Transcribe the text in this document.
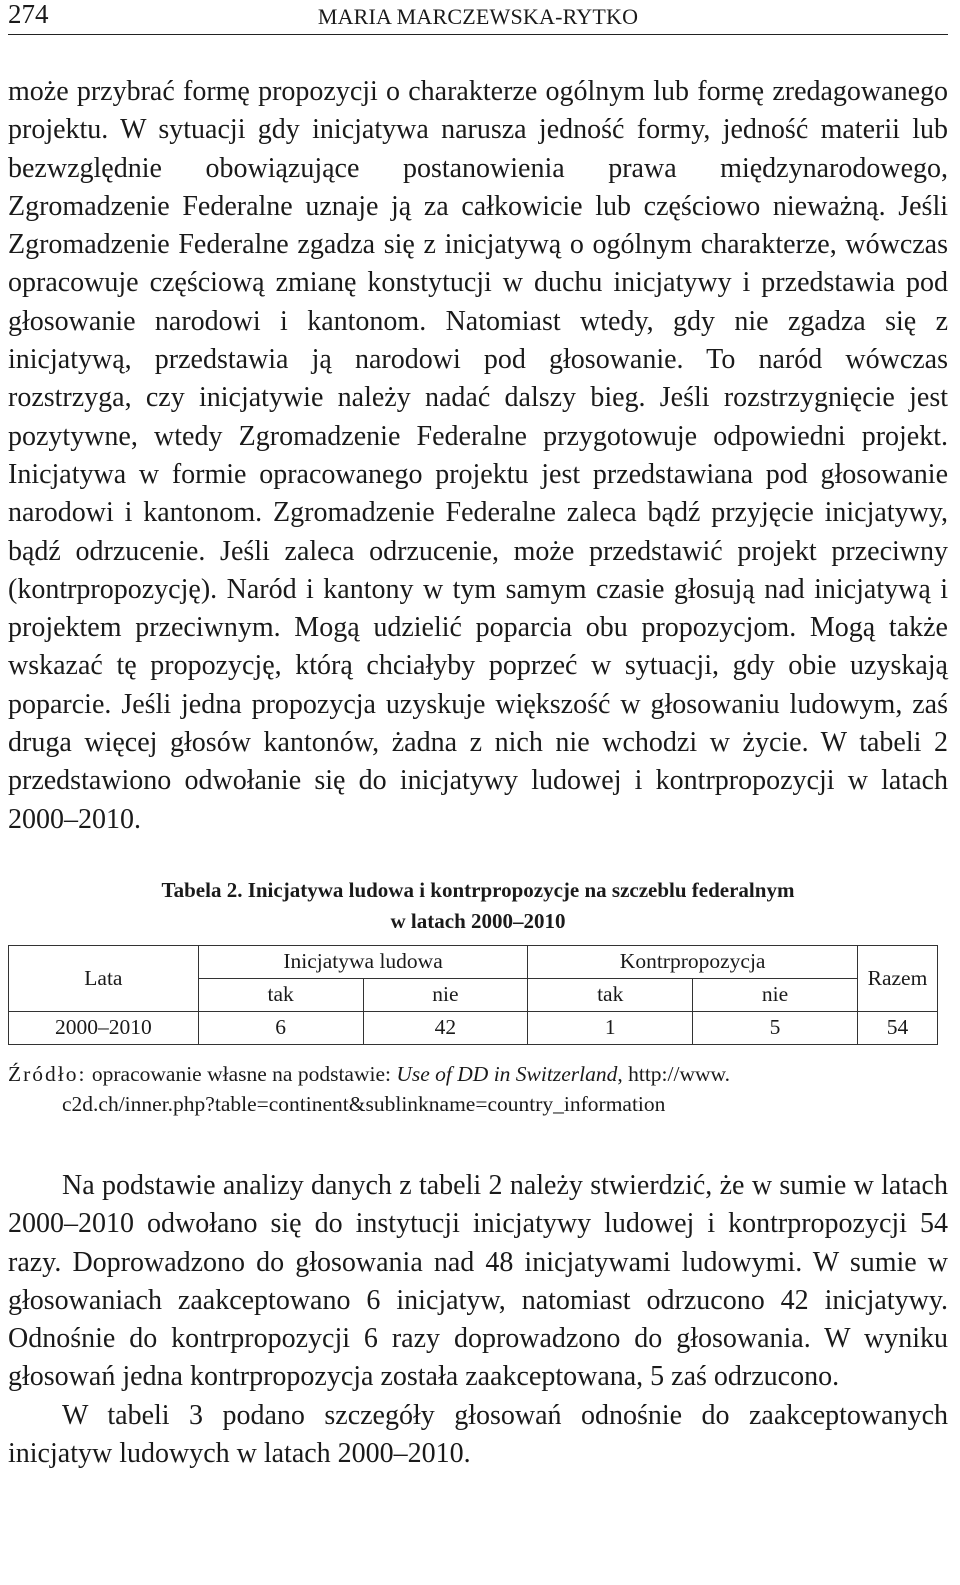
274	MARIA MARCZEWSKA-RYTKO

może przybrać formę propozycji o charakterze ogólnym lub formę zredagowanego projektu. W sytuacji gdy inicjatywa narusza jedność formy, jedność materii lub bezwzględnie obowiązujące postanowienia prawa międzynarodowego, Zgromadzenie Federalne uznaje ją za całkowicie lub częściowo nieważną. Jeśli Zgromadzenie Federalne zgadza się z inicjatywą o ogólnym charakterze, wówczas opracowuje częściową zmianę konstytucji w duchu inicjatywy i przedstawia pod głosowanie narodowi i kantonom. Natomiast wtedy, gdy nie zgadza się z inicjatywą, przedstawia ją narodowi pod głosowanie. To naród wówczas rozstrzyga, czy inicjatywie należy nadać dalszy bieg. Jeśli rozstrzygnięcie jest pozytywne, wtedy Zgromadzenie Federalne przygotowuje odpowiedni projekt. Inicjatywa w formie opracowanego projektu jest przedstawiana pod głosowanie narodowi i kantonom. Zgromadzenie Federalne zaleca bądź przyjęcie inicjatywy, bądź odrzucenie. Jeśli zaleca odrzucenie, może przedstawić projekt przeciwny (kontrpropozycję). Naród i kantony w tym samym czasie głosują nad inicjatywą i projektem przeciwnym. Mogą udzielić poparcia obu propozycjom. Mogą także wskazać tę propozycję, którą chciałyby poprzeć w sytuacji, gdy obie uzyskają poparcie. Jeśli jedna propozycja uzyskuje większość w głosowaniu ludowym, zaś druga więcej głosów kantonów, żadna z nich nie wchodzi w życie. W tabeli 2 przedstawiono odwołanie się do inicjatywy ludowej i kontrpropozycji w latach 2000–2010.

Tabela 2. Inicjatywa ludowa i kontrpropozycje na szczeblu federalnym
w latach 2000–2010
Lata	Inicjatywa ludowa		Kontrpropozycja		Razem
	tak	nie	tak	nie	
2000–2010	6	42	1	5	54
Źródło: opracowanie własne na podstawie: Use of DD in Switzerland, http://www.
c2d.ch/inner.php?table=continent&sublinkname=country_information

Na podstawie analizy danych z tabeli 2 należy stwierdzić, że w sumie w latach 2000–2010 odwołano się do instytucji inicjatywy ludowej i kontrpropozycji 54 razy. Doprowadzono do głosowania nad 48 inicjatywami ludowymi. W sumie w głosowaniach zaakceptowano 6 inicjatyw, natomiast odrzucono 42 inicjatywy. Odnośnie do kontrpropozycji 6 razy doprowadzono do głosowania. W wyniku głosowań jedna kontrpropozycja została zaakceptowana, 5 zaś odrzucono.

W tabeli 3 podano szczegóły głosowań odnośnie do zaakceptowanych inicjatyw ludowych w latach 2000–2010.
